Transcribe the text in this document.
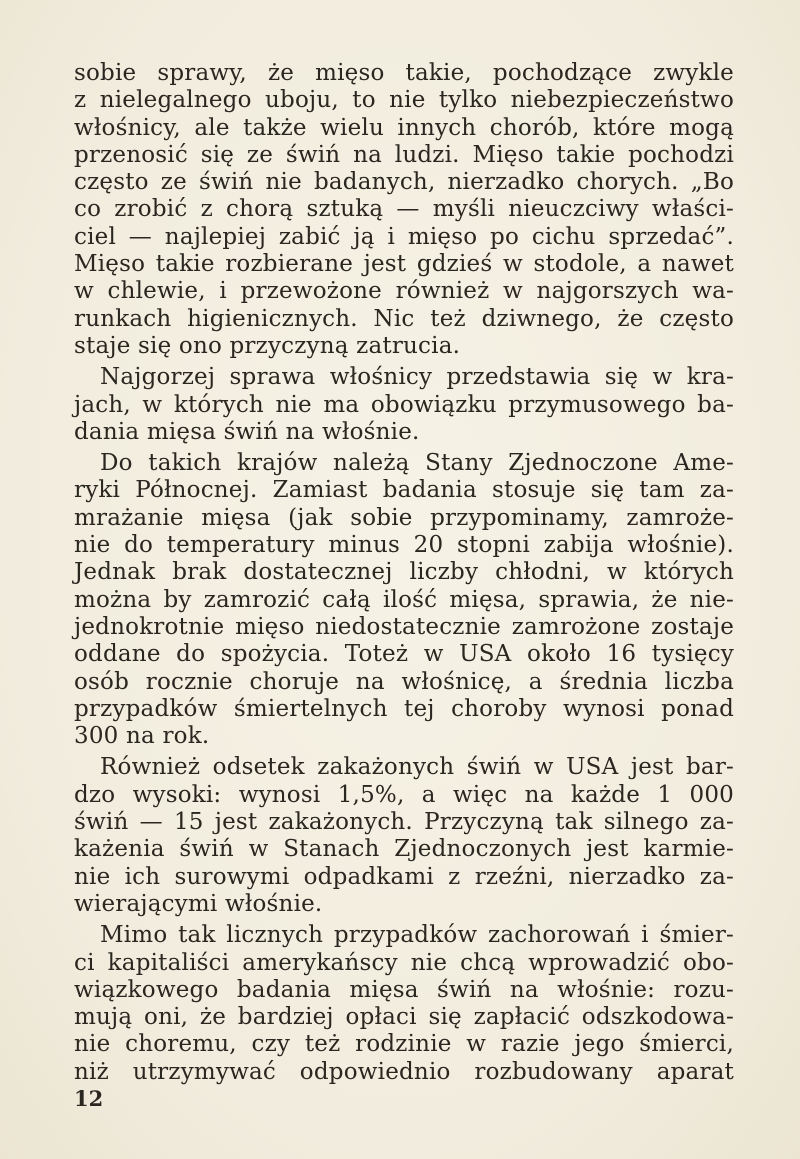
sobie sprawy, że mięso takie, pochodzące zwykle
z nielegalnego uboju, to nie tylko niebezpieczeństwo
włośnicy, ale także wielu innych chorób, które mogą
przenosić się ze świń na ludzi. Mięso takie pochodzi
często ze świń nie badanych, nierzadko chorych. „Bo
co zrobić z chorą sztuką — myśli nieuczciwy właści-
ciel — najlepiej zabić ją i mięso po cichu sprzedać”.
Mięso takie rozbierane jest gdzieś w stodole, a nawet
w chlewie, i przewożone również w najgorszych wa-
runkach higienicznych. Nic też dziwnego, że często
staje się ono przyczyną zatrucia.
Najgorzej sprawa włośnicy przedstawia się w kra-
jach, w których nie ma obowiązku przymusowego ba-
dania mięsa świń na włośnie.
Do takich krajów należą Stany Zjednoczone Ame-
ryki Północnej. Zamiast badania stosuje się tam za-
mrażanie mięsa (jak sobie przypominamy, zamroże-
nie do temperatury minus 20 stopni zabija włośnie).
Jednak brak dostatecznej liczby chłodni, w których
można by zamrozić całą ilość mięsa, sprawia, że nie-
jednokrotnie mięso niedostatecznie zamrożone zostaje
oddane do spożycia. Toteż w USA około 16 tysięcy
osób rocznie choruje na włośnicę, a średnia liczba
przypadków śmiertelnych tej choroby wynosi ponad
300 na rok.
Również odsetek zakażonych świń w USA jest bar-
dzo wysoki: wynosi 1,5%, a więc na każde 1 000
świń — 15 jest zakażonych. Przyczyną tak silnego za-
każenia świń w Stanach Zjednoczonych jest karmie-
nie ich surowymi odpadkami z rzeźni, nierzadko za-
wierającymi włośnie.
Mimo tak licznych przypadków zachorowań i śmier-
ci kapitaliści amerykańscy nie chcą wprowadzić obo-
wiązkowego badania mięsa świń na włośnie: rozu-
mują oni, że bardziej opłaci się zapłacić odszkodowa-
nie choremu, czy też rodzinie w razie jego śmierci,
niż utrzymywać odpowiednio rozbudowany aparat
12
